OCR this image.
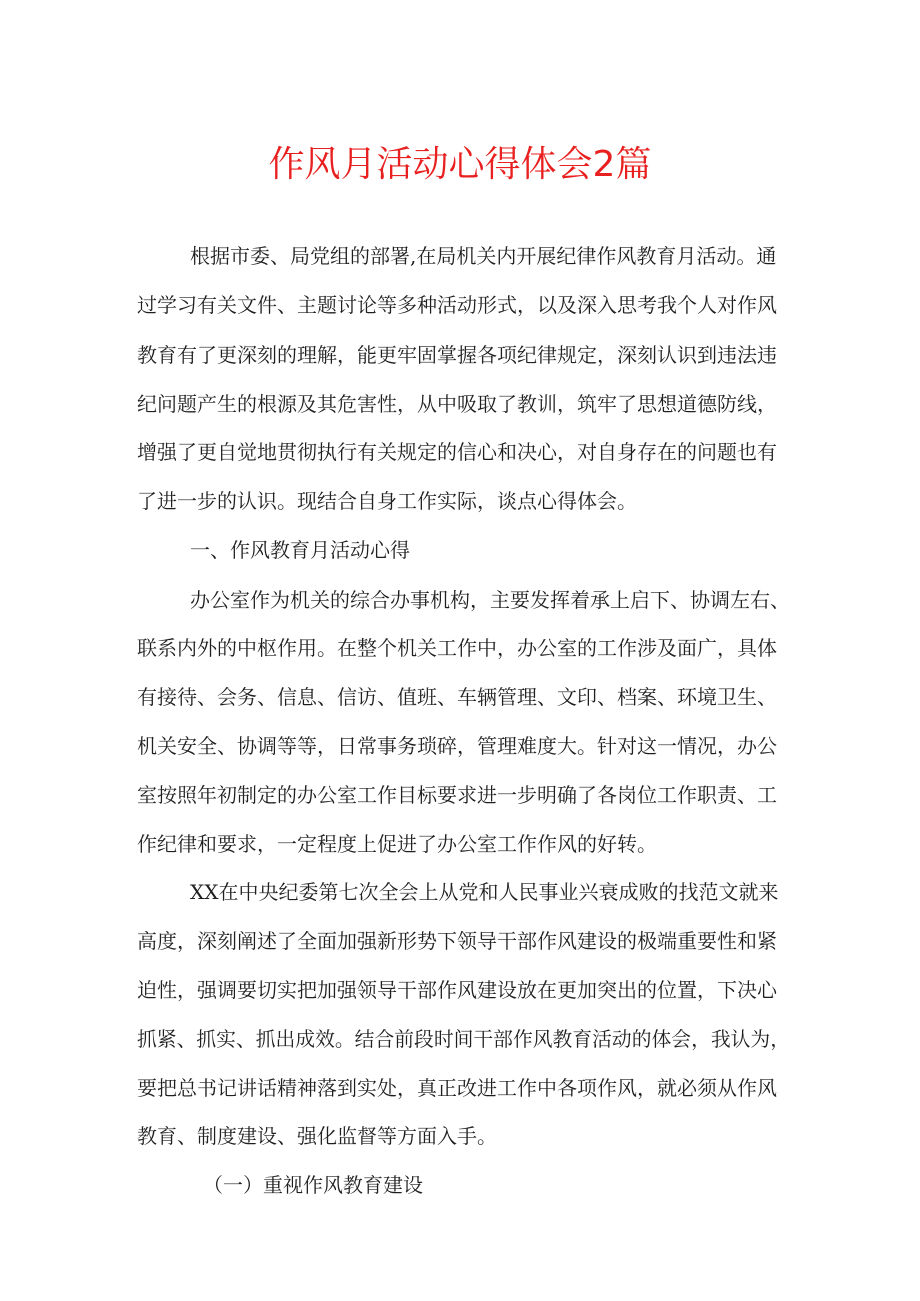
作风月活动心得体会2篇
根据市委、局党组的部署,在局机关内开展纪律作风教育月活动。通
过学习有关文件、主题讨论等多种活动形式，以及深入思考我个人对作风
教育有了更深刻的理解，能更牢固掌握各项纪律规定，深刻认识到违法违
纪问题产生的根源及其危害性，从中吸取了教训，筑牢了思想道德防线，
增强了更自觉地贯彻执行有关规定的信心和决心，对自身存在的问题也有
了进一步的认识。现结合自身工作实际，谈点心得体会。
一、作风教育月活动心得
办公室作为机关的综合办事机构，主要发挥着承上启下、协调左右、
联系内外的中枢作用。在整个机关工作中，办公室的工作涉及面广，具体
有接待、会务、信息、信访、值班、车辆管理、文印、档案、环境卫生、
机关安全、协调等等，日常事务琐碎，管理难度大。针对这一情况，办公
室按照年初制定的办公室工作目标要求进一步明确了各岗位工作职责、工
作纪律和要求，一定程度上促进了办公室工作作风的好转。
XX在中央纪委第七次全会上从党和人民事业兴衰成败的找范文就来
高度，深刻阐述了全面加强新形势下领导干部作风建设的极端重要性和紧
迫性，强调要切实把加强领导干部作风建设放在更加突出的位置，下决心
抓紧、抓实、抓出成效。结合前段时间干部作风教育活动的体会，我认为，
要把总书记讲话精神落到实处，真正改进工作中各项作风，就必须从作风
教育、制度建设、强化监督等方面入手。
（一）重视作风教育建设
